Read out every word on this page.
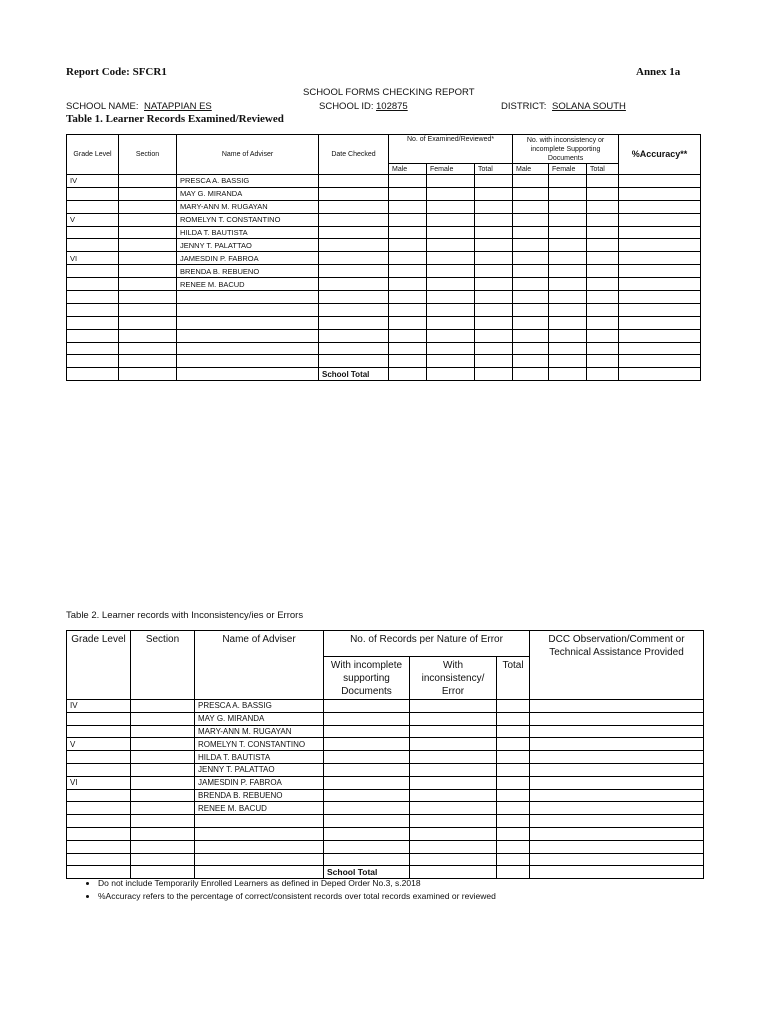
Report Code: SFCR1	Annex 1a
SCHOOL FORMS CHECKING REPORT
SCHOOL NAME: NATAPPIAN ES	SCHOOL ID: 102875	DISTRICT: SOLANA SOUTH
Table 1. Learner Records Examined/Reviewed
Grade Level	Section	Name of Adviser	Date Checked	No. of Examined/Reviewed*			No. with inconsistency or incomplete Supporting Documents			%Accuracy**
				Male	Female	Total	Male	Female	Total	
IV		PRESCA A. BASSIG								
		MAY G. MIRANDA								
		MARY-ANN M. RUGAYAN								
V		ROMELYN T. CONSTANTINO								
		HILDA T. BAUTISTA								
		JENNY T. PALATTAO								
VI		JAMESDIN P. FABROA								
		BRENDA B. REBUENO								
		RENEE M. BACUD								

			School Total							
Table 2. Learner records with Inconsistency/ies or Errors
Grade Level	Section	Name of Adviser	No. of Records per Nature of Error			DCC Observation/Comment or Technical Assistance Provided
			With incomplete supporting Documents	With inconsistency/ Error	Total	
IV		PRESCA A. BASSIG				
		MAY G. MIRANDA				
		MARY-ANN M. RUGAYAN				
V		ROMELYN T. CONSTANTINO				
		HILDA T. BAUTISTA				
		JENNY T. PALATTAO				
VI		JAMESDIN P. FABROA				
		BRENDA B. REBUENO				
		RENEE M. BACUD				

			School Total			
• Do not include Temporarily Enrolled Learners as defined in Deped Order No.3, s.2018
• %Accuracy refers to the percentage of correct/consistent records over total records examined or reviewed
